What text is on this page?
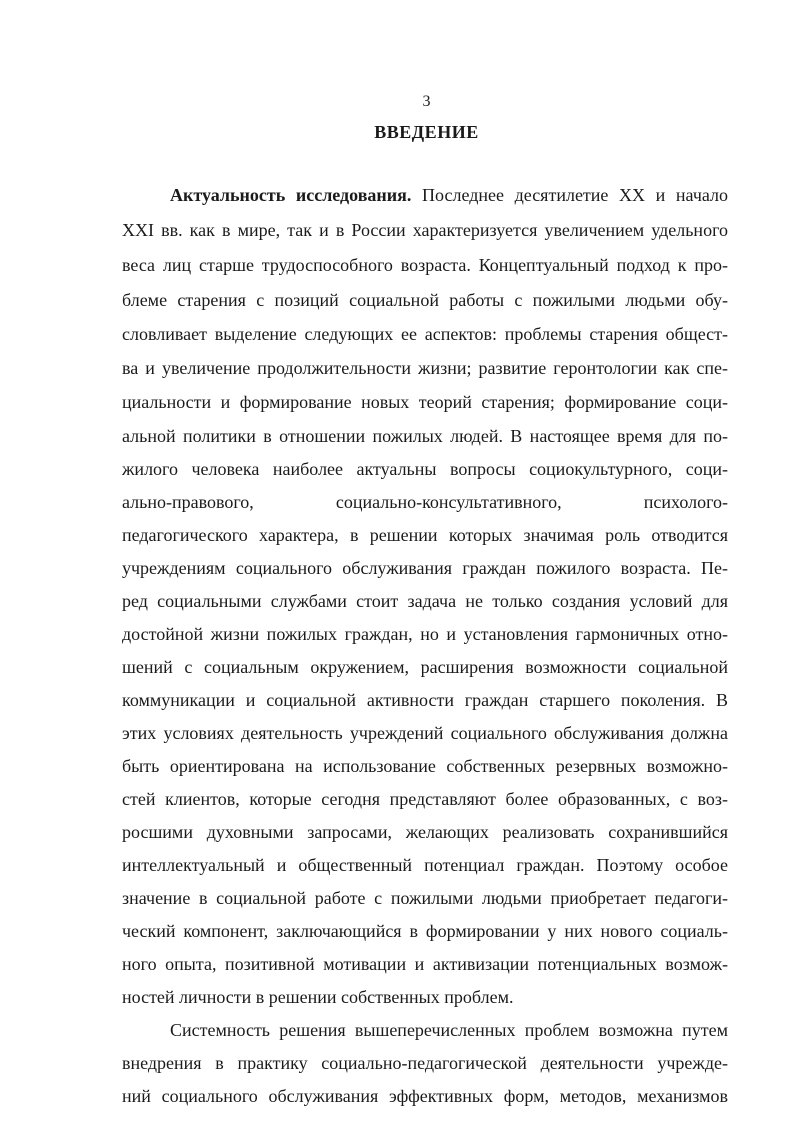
3
ВВЕДЕНИЕ
Актуальность исследования. Последнее десятилетие XX и начало
XXI вв. как в мире, так и в России характеризуется увеличением удельного
веса лиц старше трудоспособного возраста. Концептуальный подход к про-
блеме старения с позиций социальной работы с пожилыми людьми обу-
словливает выделение следующих ее аспектов: проблемы старения общест-
ва и увеличение продолжительности жизни; развитие геронтологии как спе-
циальности и формирование новых теорий старения; формирование соци-
альной политики в отношении пожилых людей. В настоящее время для по-
жилого человека наиболее актуальны вопросы социокультурного, соци-
ально-правового, социально-консультативного, психолого-
педагогического характера, в решении которых значимая роль отводится
учреждениям социального обслуживания граждан пожилого возраста. Пе-
ред социальными службами стоит задача не только создания условий для
достойной жизни пожилых граждан, но и установления гармоничных отно-
шений с социальным окружением, расширения возможности социальной
коммуникации и социальной активности граждан старшего поколения. В
этих условиях деятельность учреждений социального обслуживания должна
быть ориентирована на использование собственных резервных возможно-
стей клиентов, которые сегодня представляют более образованных, с воз-
росшими духовными запросами, желающих реализовать сохранившийся
интеллектуальный и общественный потенциал граждан. Поэтому особое
значение в социальной работе с пожилыми людьми приобретает педагоги-
ческий компонент, заключающийся в формировании у них нового социаль-
ного опыта, позитивной мотивации и активизации потенциальных возмож-
ностей личности в решении собственных проблем.
Системность решения вышеперечисленных проблем возможна путем
внедрения в практику социально-педагогической деятельности учрежде-
ний социального обслуживания эффективных форм, методов, механизмов
